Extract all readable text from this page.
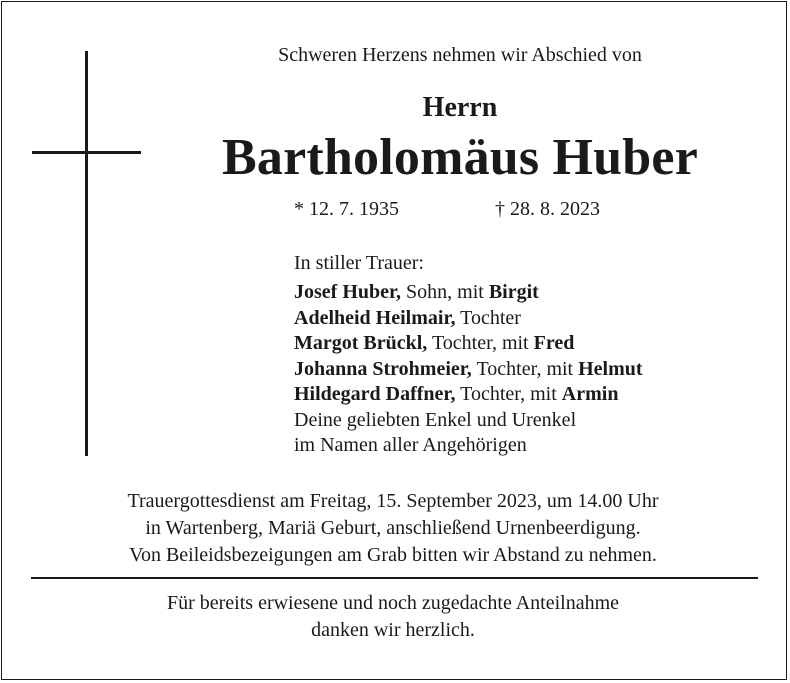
Schweren Herzens nehmen wir Abschied von
Herrn
Bartholomäus Huber
* 12. 7. 1935	† 28. 8. 2023
In stiller Trauer:
Josef Huber, Sohn, mit Birgit
Adelheid Heilmair, Tochter
Margot Brückl, Tochter, mit Fred
Johanna Strohmeier, Tochter, mit Helmut
Hildegard Daffner, Tochter, mit Armin
Deine geliebten Enkel und Urenkel
im Namen aller Angehörigen
Trauergottesdienst am Freitag, 15. September 2023, um 14.00 Uhr
in Wartenberg, Mariä Geburt, anschließend Urnenbeerdigung.
Von Beileidsbezeigungen am Grab bitten wir Abstand zu nehmen.
Für bereits erwiesene und noch zugedachte Anteilnahme
danken wir herzlich.
